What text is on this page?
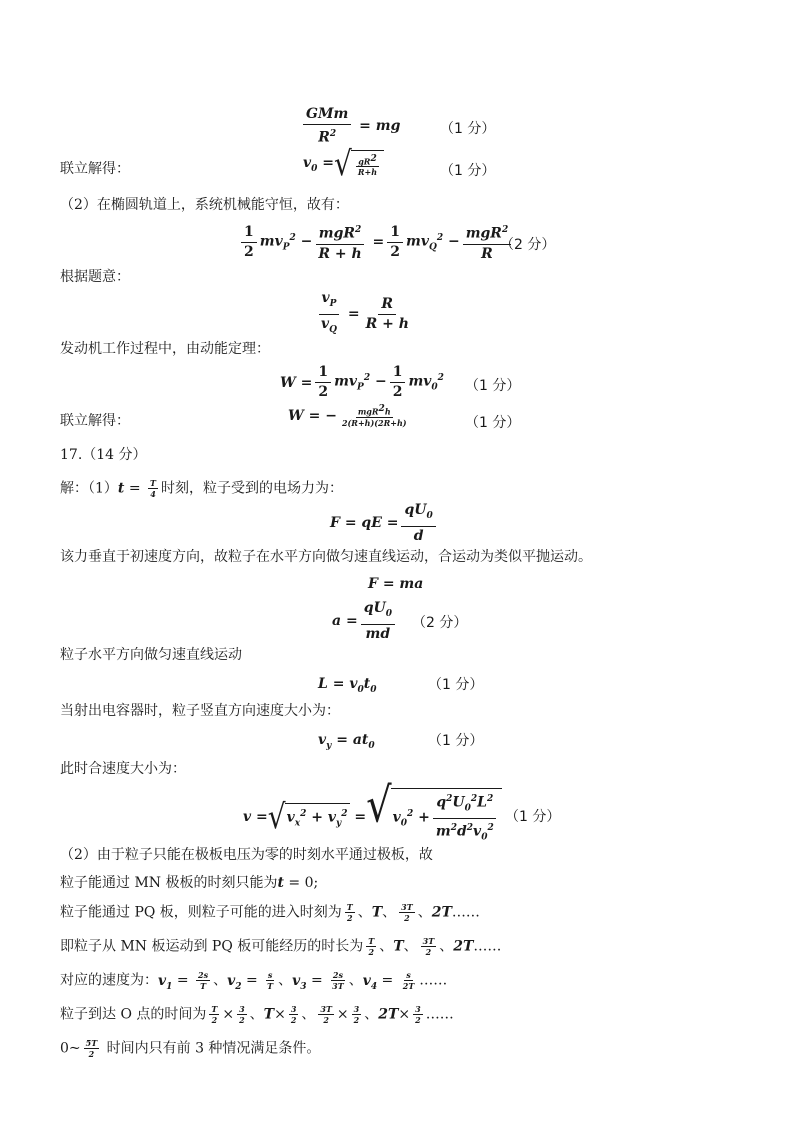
$\frac{\text{GMm}}{R^2}$ = mg	（1 分）
联立解得：	$v_0$ = √ $\frac{gR^2}{R+h}$	（1 分）
（2）在椭圆轨道上，系统机械能守恒，故有：
$\frac{1}{2} mv_P^2 - \frac{mgR^2}{R + h} = \frac{1}{2} mv_Q^2 - \frac{mgR^2}{R}$
（2 分）
根据题意：
$\frac{v_P}{v_Q} = \frac{R}{R + h}$
发动机工作过程中，由动能定理：
$W = \frac{1}{2} mv_P^2 - \frac{1}{2} mv_0^2$
（1 分）
联立解得：	W = − $\frac{mgR^2h}{2(R+h)(2R+h)}$	（1 分）
17.（14 分）
解：$(1)t = \frac{T}{4}$ 时刻，粒子受到的电场力为：
F = qE = $\frac{qU_0}{d}$
该力垂直于初速度方向，故粒子在水平方向做匀速直线运动，合运动为类似平抛运动。
F = ma
$a = \frac{qU_0}{md} (2$ 分）
粒子水平方向做匀速直线运动
$L = v_0t_0$	（1 分）
当射出电容器时，粒子竖直方向速度大小为：
$v_y = at_0$	（1 分）
此时合速度大小为：
v = √ $v_x^2 + v_y^2$ = √ $v_0^2 + \frac{q^2U_0^2L^2}{m^2d^2v_0^2} (1$ 分）
（2）由于粒子只能在极板电压为零的时刻水平通过极板，故
粒子能通过 MN 极板的时刻只能为t = 0;
粒子能通过 PQ 板，则粒子可能的进入时刻为 $\frac{T}{2}$ 、T、 $\frac{3T}{2}$ 、2T……
即粒子从 MN 板运动到 PQ 板可能经历的时长为 $\frac{T}{2}$ 、T、 $\frac{3T}{2}$ 、2T……
对应的速度为：$v_1 = \frac{2s}{T}$ 、$v_2 = \frac{s}{T}$ 、$v_3 = \frac{2s}{3T}$ 、$v_4 = \frac{s}{2T}$ ……
粒子到达 O 点的时间为 $\frac{T}{2} \times \frac{3}{2}$ 、$T\times \frac{3}{2}$ 、 $\frac{3T}{2} \times \frac{3}{2}$ 、$2T\times \frac{3}{2}$ ……
0~ $\frac{5T}{2}$ 时间内只有前 3 种情况满足条件。
